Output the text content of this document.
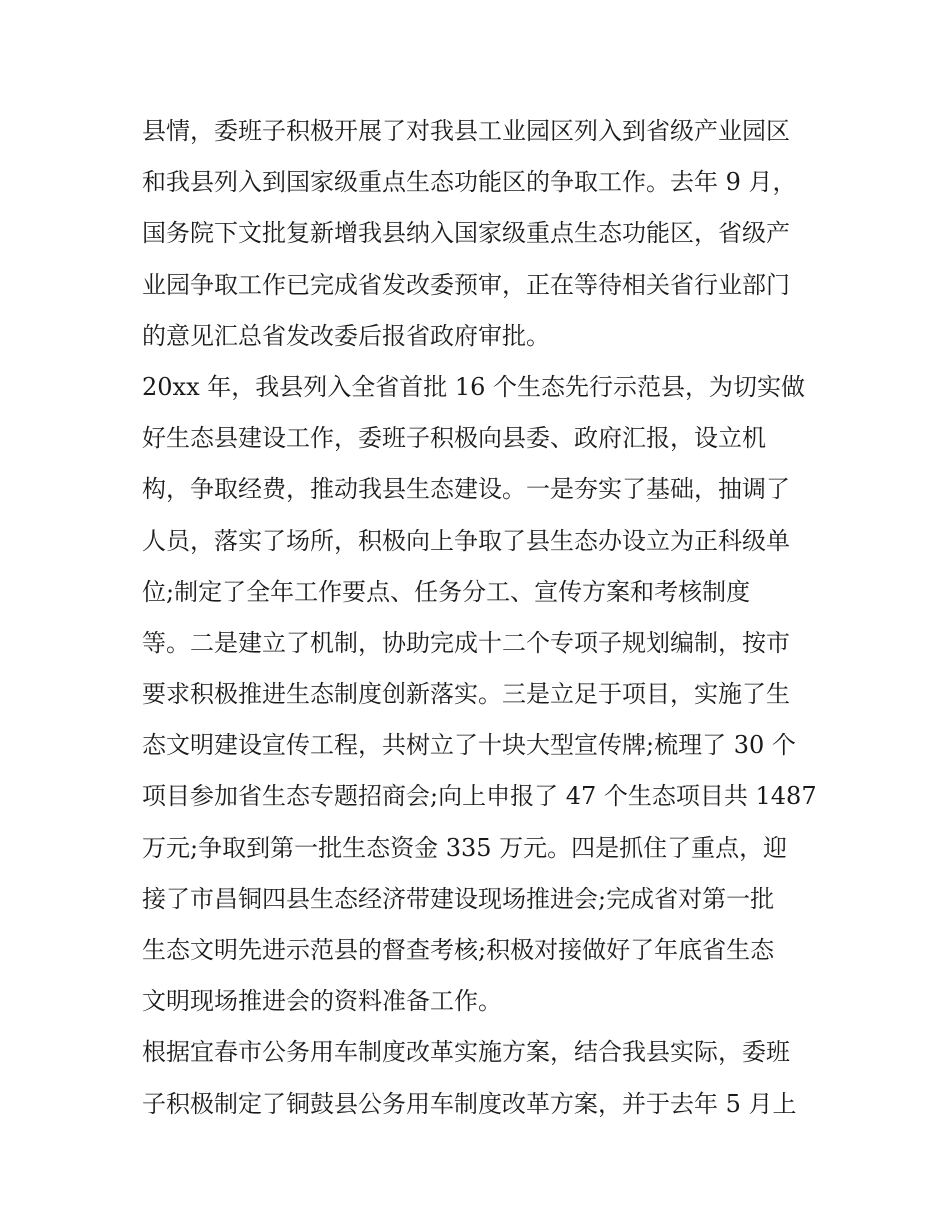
县情，委班子积极开展了对我县工业园区列入到省级产业园区
和我县列入到国家级重点生态功能区的争取工作。去年 9 月，
国务院下文批复新增我县纳入国家级重点生态功能区，省级产
业园争取工作已完成省发改委预审，正在等待相关省行业部门
的意见汇总省发改委后报省政府审批。
20xx 年，我县列入全省首批 16 个生态先行示范县，为切实做
好生态县建设工作，委班子积极向县委、政府汇报，设立机
构，争取经费，推动我县生态建设。一是夯实了基础，抽调了
人员，落实了场所，积极向上争取了县生态办设立为正科级单
位;制定了全年工作要点、任务分工、宣传方案和考核制度
等。二是建立了机制，协助完成十二个专项子规划编制，按市
要求积极推进生态制度创新落实。三是立足于项目，实施了生
态文明建设宣传工程，共树立了十块大型宣传牌;梳理了 30 个
项目参加省生态专题招商会;向上申报了 47 个生态项目共 1487
万元;争取到第一批生态资金 335 万元。四是抓住了重点，迎
接了市昌铜四县生态经济带建设现场推进会;完成省对第一批
生态文明先进示范县的督查考核;积极对接做好了年底省生态
文明现场推进会的资料准备工作。
根据宜春市公务用车制度改革实施方案，结合我县实际，委班
子积极制定了铜鼓县公务用车制度改革方案，并于去年 5 月上
